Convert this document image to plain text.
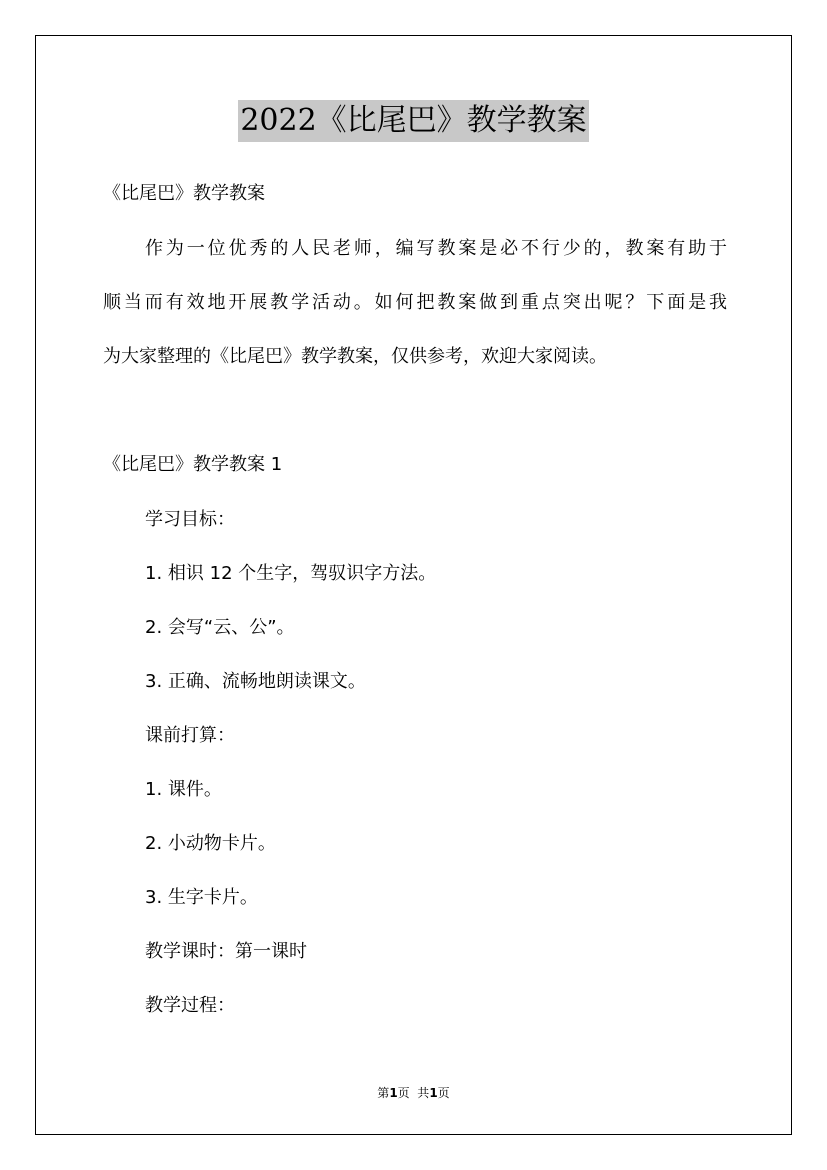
2022《比尾巴》教学教案
《比尾巴》教学教案
作为一位优秀的人民老师，编写教案是必不行少的，教案有助于
顺当而有效地开展教学活动。如何把教案做到重点突出呢？下面是我
为大家整理的《比尾巴》教学教案，仅供参考，欢迎大家阅读。
《比尾巴》教学教案 1
学习目标：
1. 相识 12 个生字，驾驭识字方法。
2. 会写“云、公”。
3. 正确、流畅地朗读课文。
课前打算：
1. 课件。
2. 小动物卡片。
3. 生字卡片。
教学课时：第一课时
教学过程：
第1页  共1页
